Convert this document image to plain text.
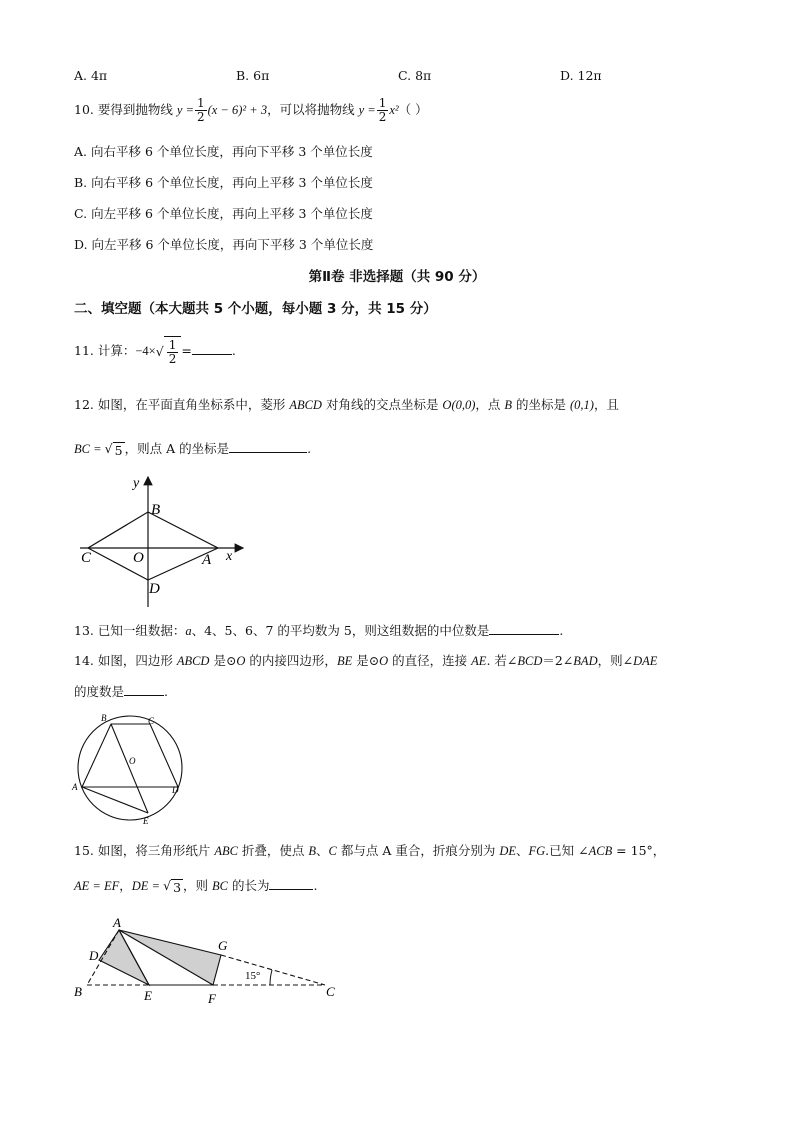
A. 4π	B. 6π	C. 8π	D. 12π
10. 要得到抛物线 $y = \frac{1}{2} (x - 6)^2 + 3$，可以将抛物线 $y = \frac{1}{2} x^2$（ ）
A. 向右平移 6 个单位长度，再向下平移 3 个单位长度
B. 向右平移 6 个单位长度，再向上平移 3 个单位长度
C. 向左平移 6 个单位长度，再向上平移 3 个单位长度
D. 向左平移 6 个单位长度，再向下平移 3 个单位长度
第Ⅱ卷 非选择题（共 90 分）
二、填空题（本大题共 5 个小题，每小题 3 分，共 15 分）
11. 计算：$-4\times√ \frac{1}{2}$ =	.
12. 如图，在平面直角坐标系中，菱形 ABCD 对角线的交点坐标是 O(0,0)，点 B 的坐标是 (0,1)，且
BC = √ 5 ，则点 A 的坐标是	.
y
x
B
C	O	A
D
13. 已知一组数据：a、4、5、6、7 的平均数为 5，则这组数据的中位数是	.
14. 如图，四边形 ABCD 是⊙O 的内接四边形，BE 是⊙O 的直径，连接 AE. 若∠BCD＝2∠BAD，则∠DAE
的度数是	.
B	C
O
A	D
E
15. 如图，将三角形纸片 ABC 折叠，使点 B、C 都与点 A 重合，折痕分别为 DE、FG.已知 ∠ACB = 15°，
AE = EF，DE = √ 3 ，则 BC 的长为	.
A
D
G
B	E	F	C
15°
